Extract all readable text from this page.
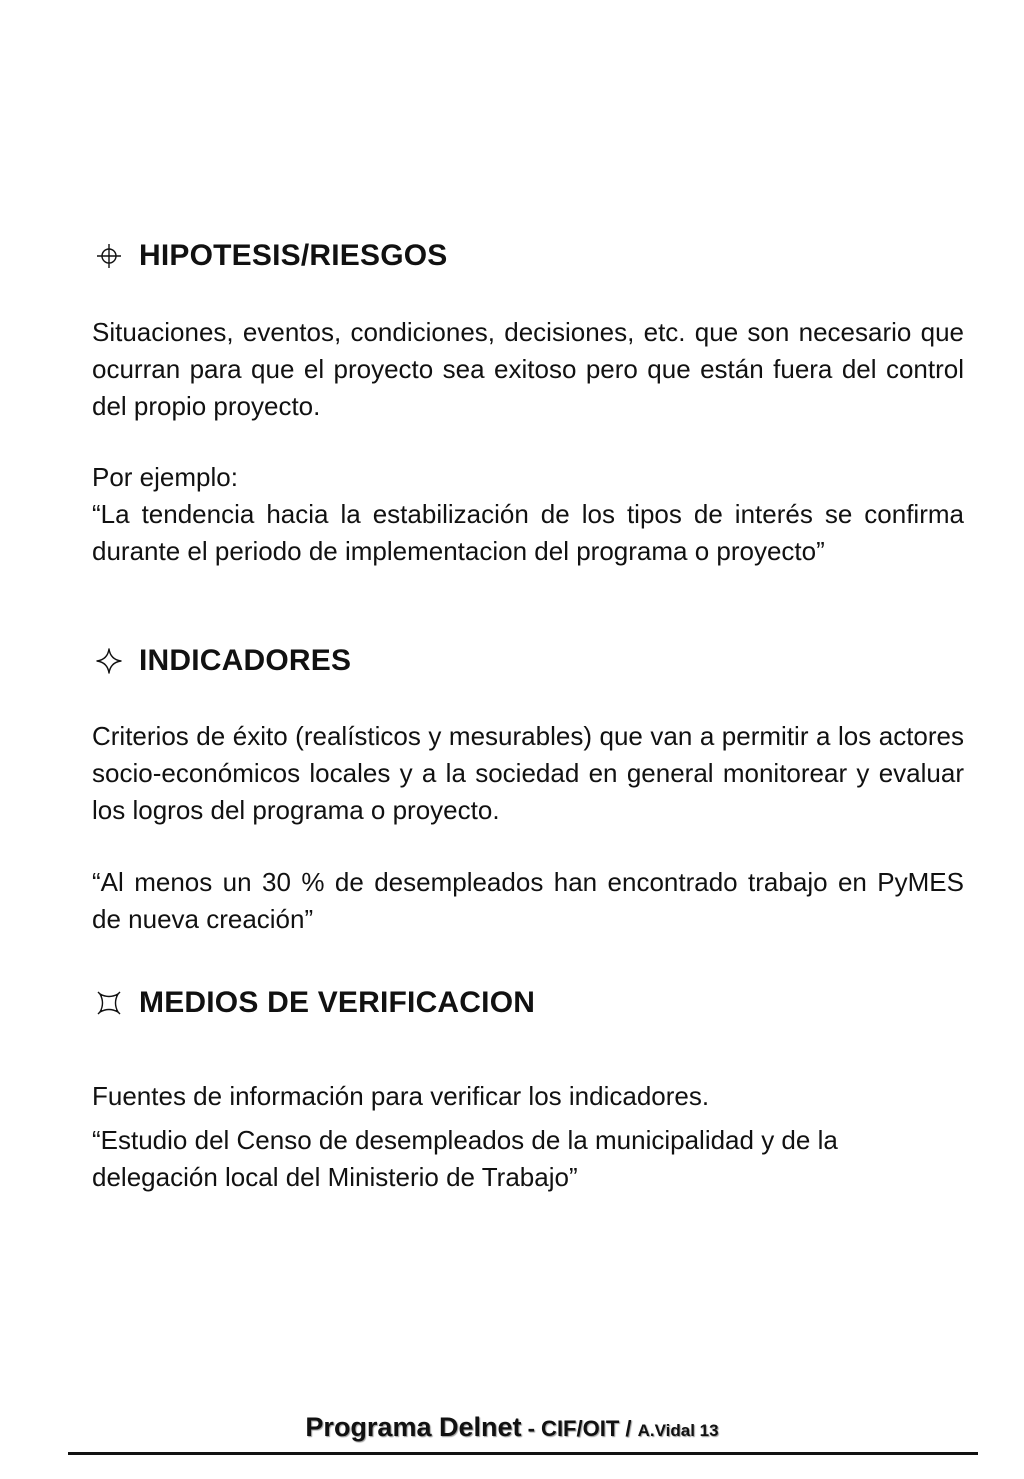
HIPOTESIS/RIESGOS

Situaciones, eventos, condiciones, decisiones, etc. que son necesario que ocurran para que el proyecto sea exitoso pero que están fuera del control del propio proyecto.

Por ejemplo:

“La tendencia hacia la estabilización de los tipos de interés se confirma durante el periodo de implementacion del programa o proyecto”

INDICADORES

Criterios de éxito (realísticos y mesurables) que van a permitir a los actores socio-económicos locales y a la sociedad en general monitorear y evaluar los logros del programa o proyecto.

“Al menos un 30 % de desempleados han encontrado trabajo en PyMES de nueva creación”

MEDIOS DE VERIFICACION

Fuentes de información para verificar los indicadores.

“Estudio del Censo de desempleados de la municipalidad y de la delegación local del Ministerio de Trabajo”

Programa Delnet - CIF/OIT / A.Vidal 13
